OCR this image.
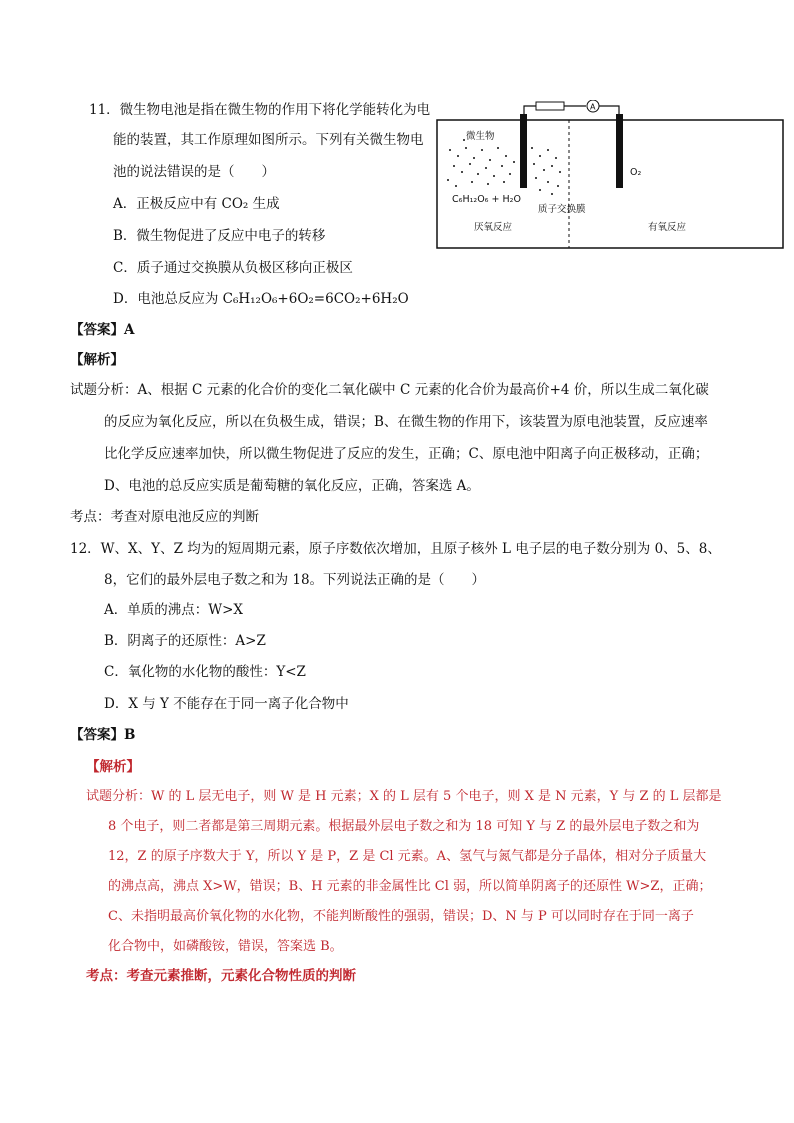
11．微生物电池是指在微生物的作用下将化学能转化为电
能的装置，其工作原理如图所示。下列有关微生物电
池的说法错误的是（　　）
A．正极反应中有 CO₂ 生成
B．微生物促进了反应中电子的转移
C．质子通过交换膜从负极区移向正极区
D．电池总反应为 C₆H₁₂O₆+6O₂=6CO₂+6H₂O
A
微生物
C₆H₁₂O₆ + H₂O
O₂
质子交换膜
厌氧反应	有氧反应
【答案】A
【解析】
试题分析：A、根据 C 元素的化合价的变化二氧化碳中 C 元素的化合价为最高价+4 价，所以生成二氧化碳
的反应为氧化反应，所以在负极生成，错误；B、在微生物的作用下，该装置为原电池装置，反应速率
比化学反应速率加快，所以微生物促进了反应的发生，正确；C、原电池中阳离子向正极移动，正确；
D、电池的总反应实质是葡萄糖的氧化反应，正确，答案选 A。
考点：考查对原电池反应的判断
12．W、X、Y、Z 均为的短周期元素，原子序数依次增加，且原子核外 L 电子层的电子数分别为 0、5、8、
8，它们的最外层电子数之和为 18。下列说法正确的是（　　）
A．单质的沸点：W>X
B．阴离子的还原性：A>Z
C．氧化物的水化物的酸性：Y<Z
D．X 与 Y 不能存在于同一离子化合物中
【答案】B
【解析】
试题分析：W 的 L 层无电子，则 W 是 H 元素；X 的 L 层有 5 个电子，则 X 是 N 元素，Y 与 Z 的 L 层都是
8 个电子，则二者都是第三周期元素。根据最外层电子数之和为 18 可知 Y 与 Z 的最外层电子数之和为
12，Z 的原子序数大于 Y，所以 Y 是 P，Z 是 Cl 元素。A、氢气与氮气都是分子晶体，相对分子质量大
的沸点高，沸点 X>W，错误；B、H 元素的非金属性比 Cl 弱，所以简单阴离子的还原性 W>Z，正确；
C、未指明最高价氧化物的水化物，不能判断酸性的强弱，错误；D、N 与 P 可以同时存在于同一离子
化合物中，如磷酸铵，错误，答案选 B。
考点：考查元素推断，元素化合物性质的判断
